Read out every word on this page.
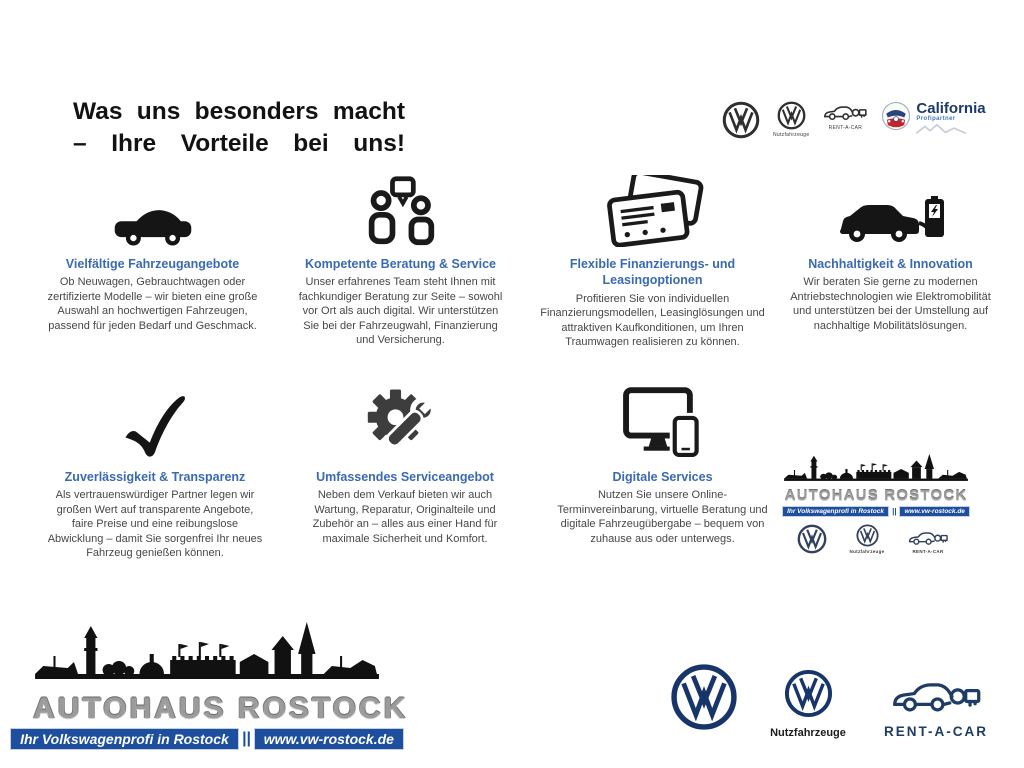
Was uns besonders macht
– Ihre Vorteile bei uns!	Nutzfahrzeuge
RENT-A-CAR
California
Profipartner
Vielfältige Fahrzeugangebote

Ob Neuwagen, Gebrauchtwagen oder zertifizierte Modelle – wir bieten eine große Auswahl an hochwertigen Fahrzeugen, passend für jeden Bedarf und Geschmack.

Kompetente Beratung & Service

Unser erfahrenes Team steht Ihnen mit fachkundiger Beratung zur Seite – sowohl vor Ort als auch digital. Wir unterstützen Sie bei der Fahrzeugwahl, Finanzierung und Versicherung.

Flexible Finanzierungs- und Leasingoptionen

Profitieren Sie von individuellen Finanzierungsmodellen, Leasinglösungen und attraktiven Kaufkonditionen, um Ihren Traumwagen realisieren zu können.

Nachhaltigkeit & Innovation

Wir beraten Sie gerne zu modernen Antriebstechnologien wie Elektromobilität und unterstützen bei der Umstellung auf nachhaltige Mobilitätslösungen.

Zuverlässigkeit & Transparenz

Als vertrauenswürdiger Partner legen wir großen Wert auf transparente Angebote, faire Preise und eine reibungslose Abwicklung – damit Sie sorgenfrei Ihr neues Fahrzeug genießen können.

Umfassendes Serviceangebot

Neben dem Verkauf bieten wir auch Wartung, Reparatur, Originalteile und Zubehör an – alles aus einer Hand für maximale Sicherheit und Komfort.

Digitale Services

Nutzen Sie unsere Online-Terminvereinbarung, virtuelle Beratung und digitale Fahrzeugübergabe – bequem von zuhause aus oder unterwegs.

AUTOHAUS ROSTOCK
Ihr Volkswagenprofi in Rostock	||	www.vw-rostock.de
Nutzfahrzeuge	RENT-A-CAR
AUTOHAUS ROSTOCK
Ihr Volkswagenprofi in Rostock || www.vw-rostock.de	Nutzfahrzeuge	RENT-A-CAR
